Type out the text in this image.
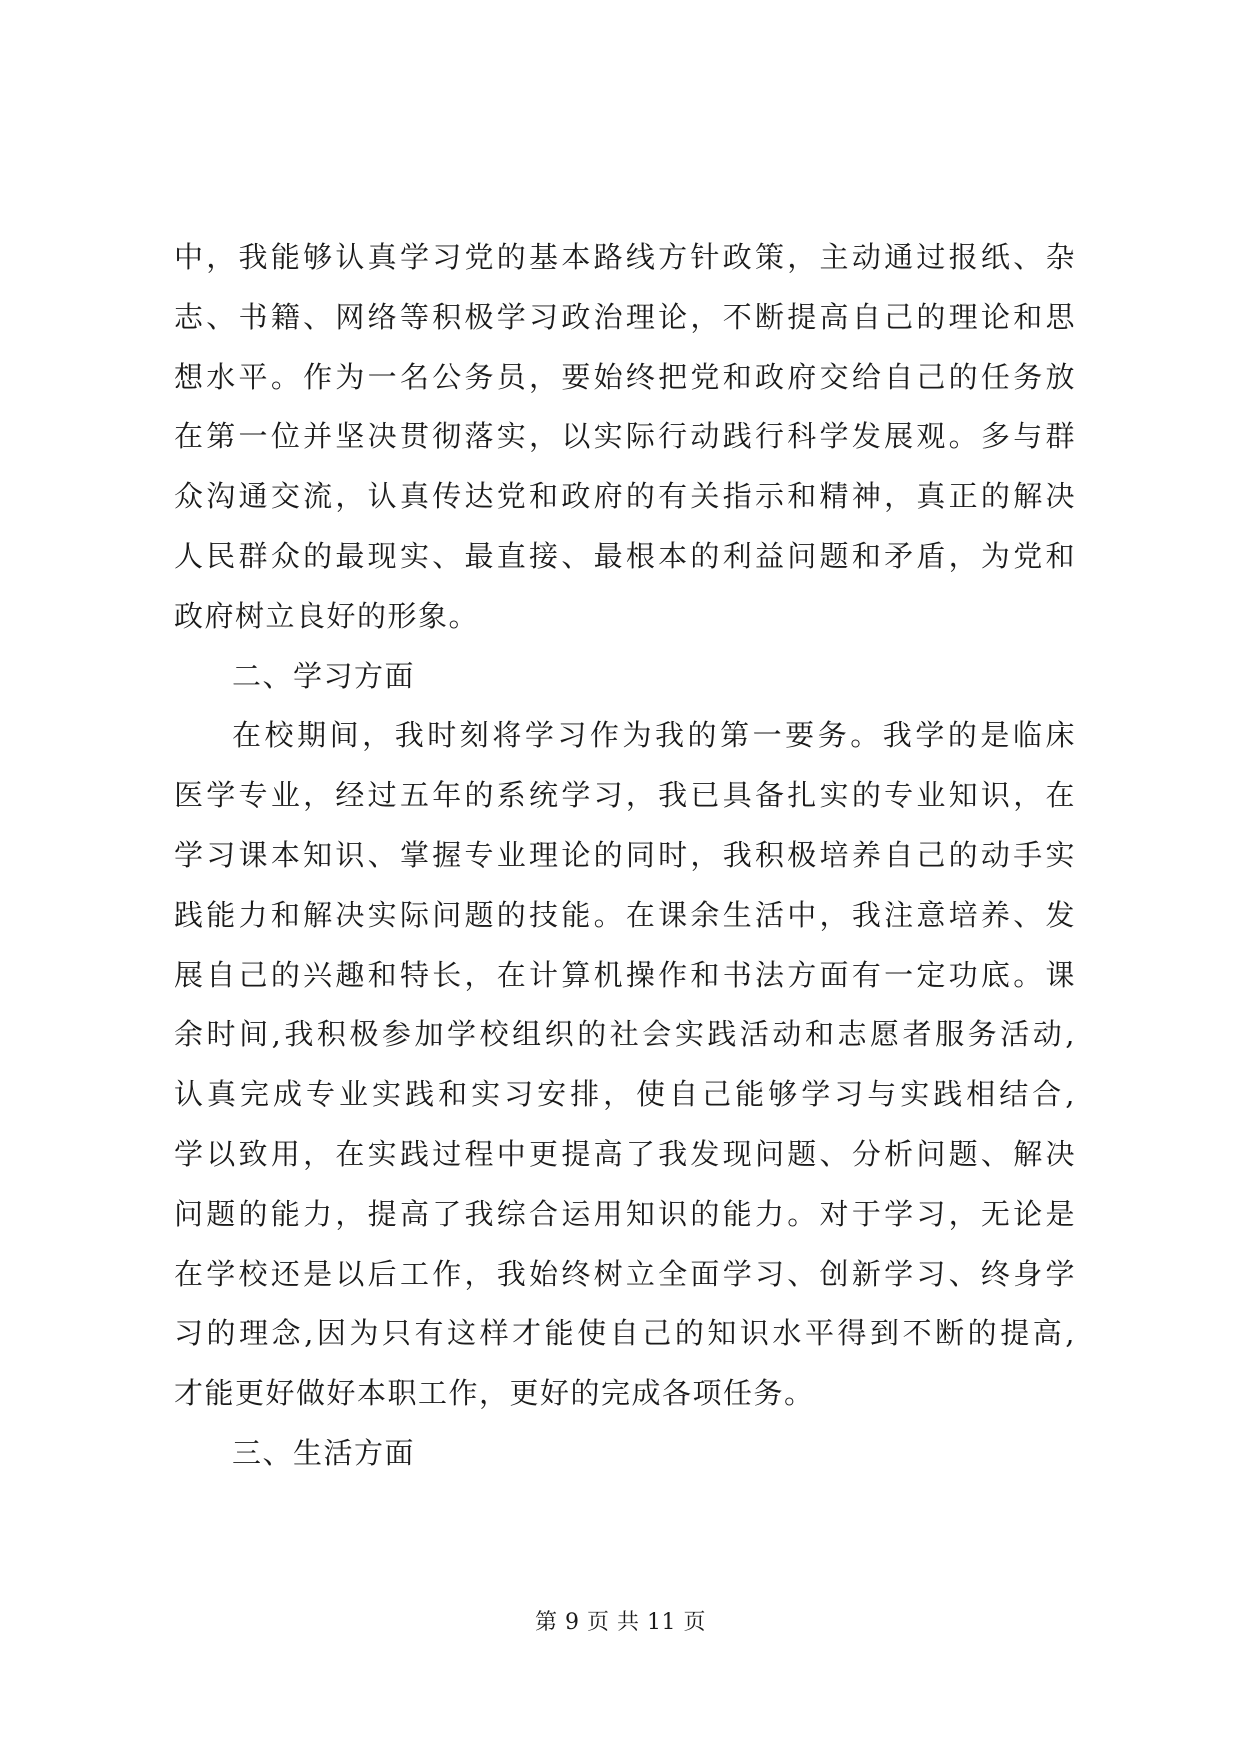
中，我能够认真学习党的基本路线方针政策，主动通过报纸、杂
志、书籍、网络等积极学习政治理论，不断提高自己的理论和思
想水平。作为一名公务员，要始终把党和政府交给自己的任务放
在第一位并坚决贯彻落实，以实际行动践行科学发展观。多与群
众沟通交流，认真传达党和政府的有关指示和精神，真正的解决
人民群众的最现实、最直接、最根本的利益问题和矛盾，为党和
政府树立良好的形象。
二、学习方面
在校期间，我时刻将学习作为我的第一要务。我学的是临床
医学专业，经过五年的系统学习，我已具备扎实的专业知识，在
学习课本知识、掌握专业理论的同时，我积极培养自己的动手实
践能力和解决实际问题的技能。在课余生活中，我注意培养、发
展自己的兴趣和特长，在计算机操作和书法方面有一定功底。课
余时间,我积极参加学校组织的社会实践活动和志愿者服务活动,
认真完成专业实践和实习安排，使自己能够学习与实践相结合,
学以致用，在实践过程中更提高了我发现问题、分析问题、解决
问题的能力，提高了我综合运用知识的能力。对于学习，无论是
在学校还是以后工作，我始终树立全面学习、创新学习、终身学
习的理念,因为只有这样才能使自己的知识水平得到不断的提高,
才能更好做好本职工作，更好的完成各项任务。
三、生活方面
第 9 页 共 11 页
